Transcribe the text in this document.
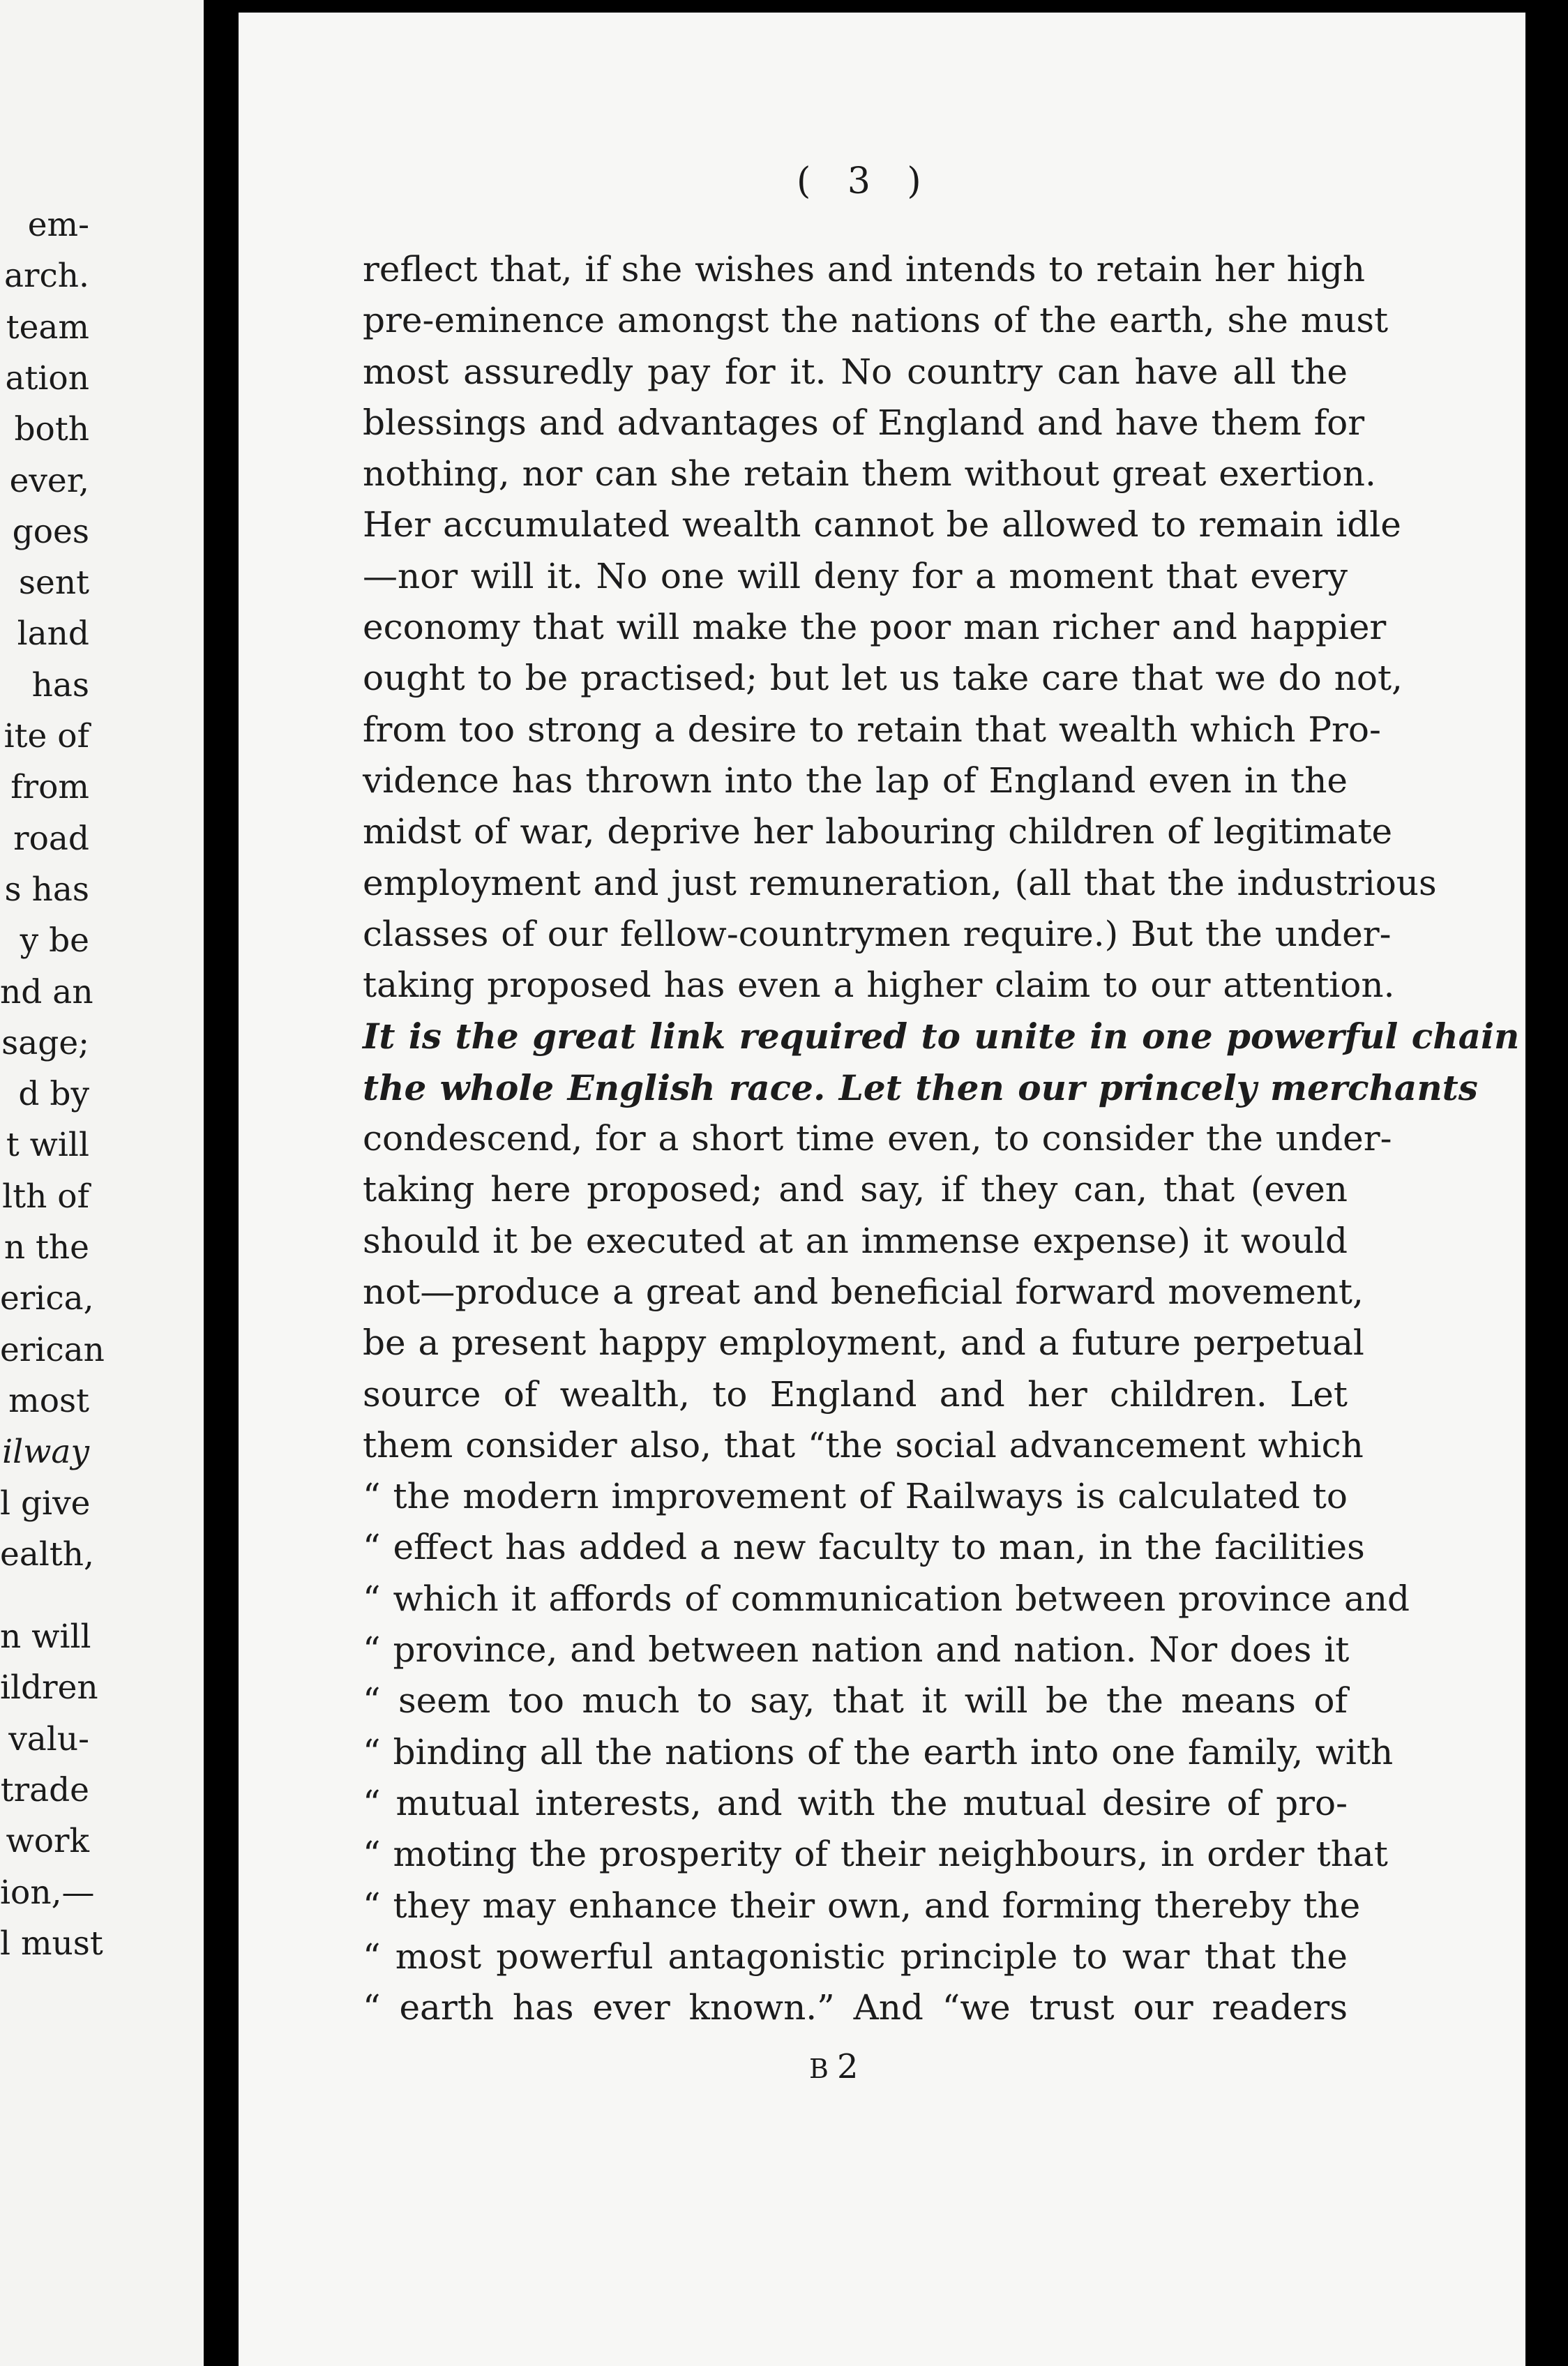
em-
arch.
team
ation
both
ever,
goes
sent
land
has
ite of
from
road
s has
y be
nd an
sage;
d by
t will
lth of
n the
erica,
erican
most
ilway
l give
ealth,
n will
ildren
valu-
trade
work
ion,—
l must
( 3 )
reflect that, if she wishes and intends to retain her high
pre-eminence amongst the nations of the earth, she must
most assuredly pay for it. No country can have all the
blessings and advantages of England and have them for
nothing, nor can she retain them without great exertion.
Her accumulated wealth cannot be allowed to remain idle
—nor will it. No one will deny for a moment that every
economy that will make the poor man richer and happier
ought to be practised; but let us take care that we do not,
from too strong a desire to retain that wealth which Pro-
vidence has thrown into the lap of England even in the
midst of war, deprive her labouring children of legitimate
employment and just remuneration, (all that the industrious
classes of our fellow-countrymen require.) But the under-
taking proposed has even a higher claim to our attention.
It is the great link required to unite in one powerful chain
the whole English race. Let then our princely merchants
condescend, for a short time even, to consider the under-
taking here proposed; and say, if they can, that (even
should it be executed at an immense expense) it would
not—produce a great and beneficial forward movement,
be a present happy employment, and a future perpetual
source of wealth, to England and her children. Let
them consider also, that “the social advancement which
“ the modern improvement of Railways is calculated to
“ effect has added a new faculty to man, in the facilities
“ which it affords of communication between province and
“ province, and between nation and nation. Nor does it
“ seem too much to say, that it will be the means of
“ binding all the nations of the earth into one family, with
“ mutual interests, and with the mutual desire of pro-
“ moting the prosperity of their neighbours, in order that
“ they may enhance their own, and forming thereby the
“ most powerful antagonistic principle to war that the
“ earth has ever known.” And “we trust our readers
B 2
